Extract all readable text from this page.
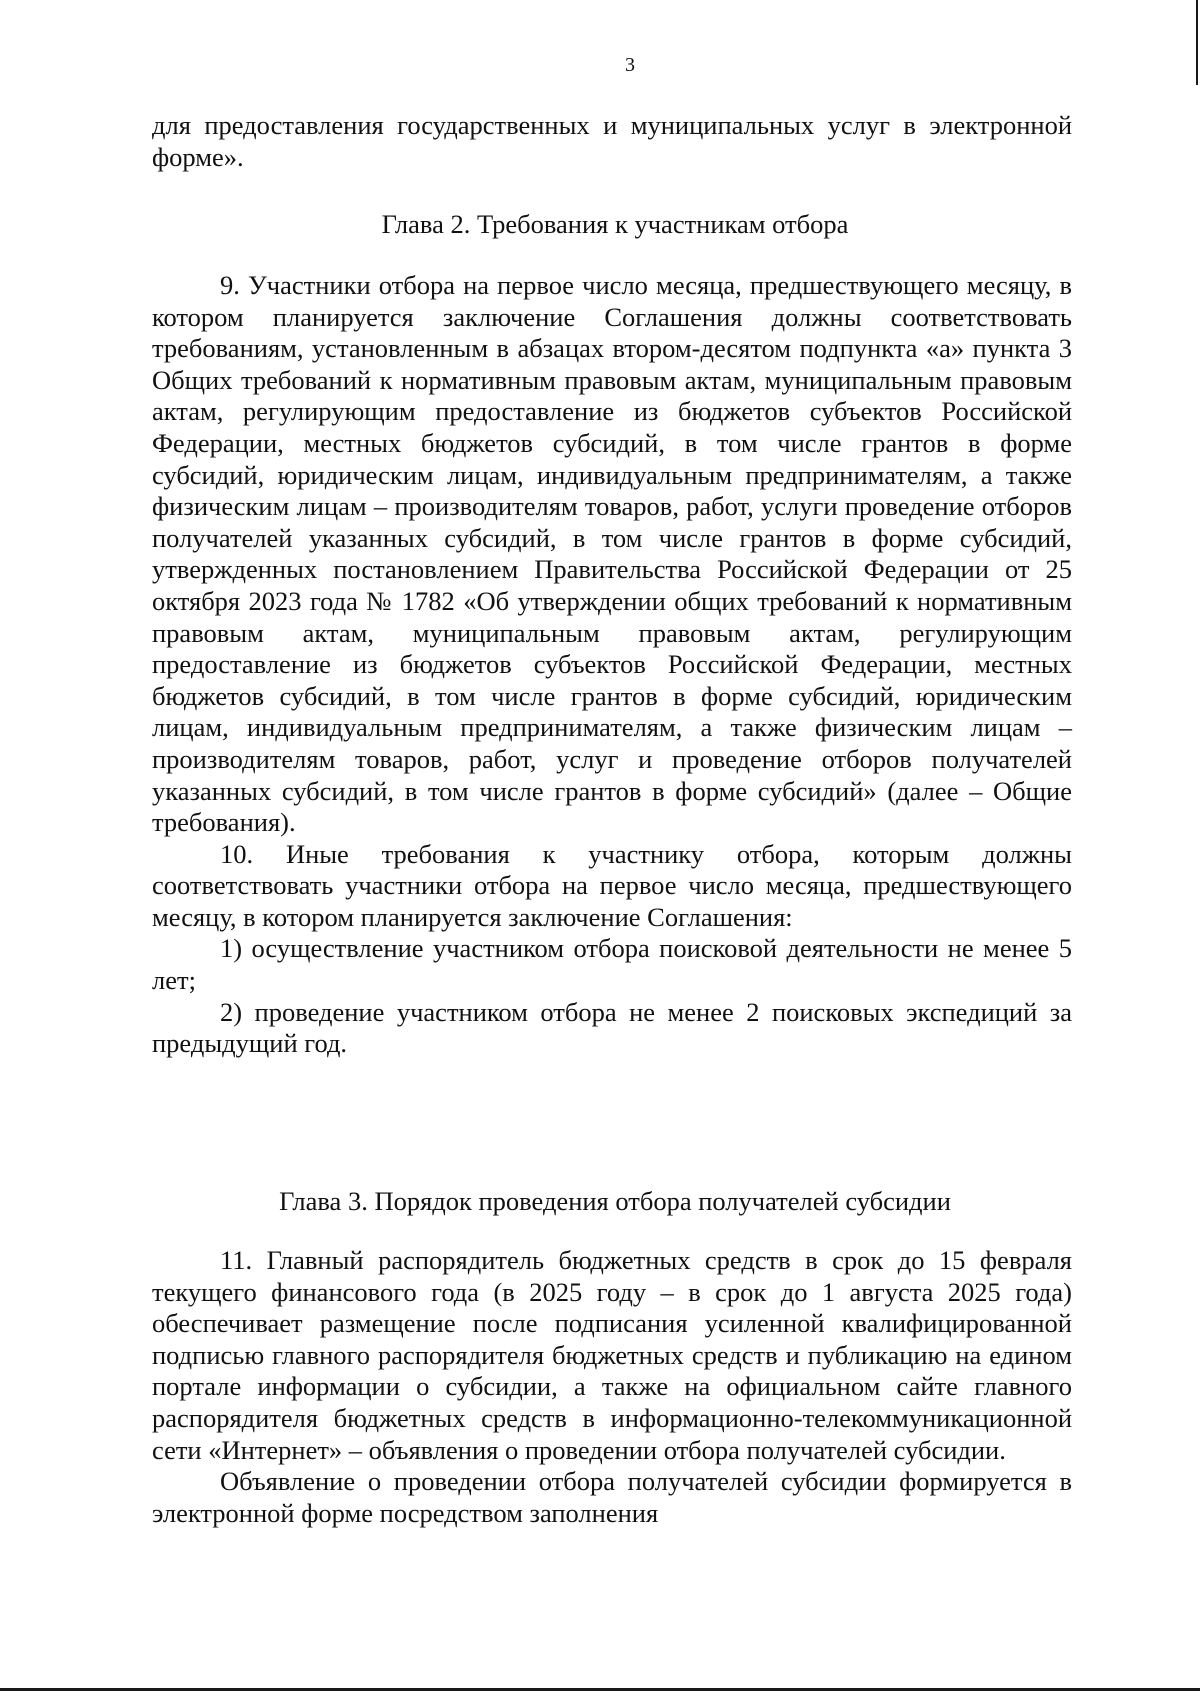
3

для предоставления государственных и муниципальных услуг в электронной форме».

Глава 2. Требования к участникам отбора

9. Участники отбора на первое число месяца, предшествующего месяцу, в котором планируется заключение Соглашения должны соответствовать требованиям, установленным в абзацах втором-десятом подпункта «а» пункта 3 Общих требований к нормативным правовым актам, муниципальным правовым актам, регулирующим предоставление из бюджетов субъектов Российской Федерации, местных бюджетов субсидий, в том числе грантов в форме субсидий, юридическим лицам, индивидуальным предпринимателям, а также физическим лицам – производителям товаров, работ, услуги проведение отборов получателей указанных субсидий, в том числе грантов в форме субсидий, утвержденных постановлением Правительства Российской Федерации от 25 октября 2023 года № 1782 «Об утверждении общих требований к нормативным правовым актам, муниципальным правовым актам, регулирующим предоставление из бюджетов субъектов Российской Федерации, местных бюджетов субсидий, в том числе грантов в форме субсидий, юридическим лицам, индивидуальным предпринимателям, а также физическим лицам – производителям товаров, работ, услуг и проведение отборов получателей указанных субсидий, в том числе грантов в форме субсидий» (далее – Общие требования).

10. Иные требования к участнику отбора, которым должны соответствовать участники отбора на первое число месяца, предшествующего месяцу, в котором планируется заключение Соглашения:

1) осуществление участником отбора поисковой деятельности не менее 5 лет;

2) проведение участником отбора не менее 2 поисковых экспедиций за предыдущий год.

Глава 3. Порядок проведения отбора получателей субсидии

11. Главный распорядитель бюджетных средств в срок до 15 февраля текущего финансового года (в 2025 году – в срок до 1 августа 2025 года) обеспечивает размещение после подписания усиленной квалифицированной подписью главного распорядителя бюджетных средств и публикацию на едином портале информации о субсидии, а также на официальном сайте главного распорядителя бюджетных средств в информационно-телекоммуникационной сети «Интернет» – объявления о проведении отбора получателей субсидии.

Объявление о проведении отбора получателей субсидии формируется в электронной форме посредством заполнения
